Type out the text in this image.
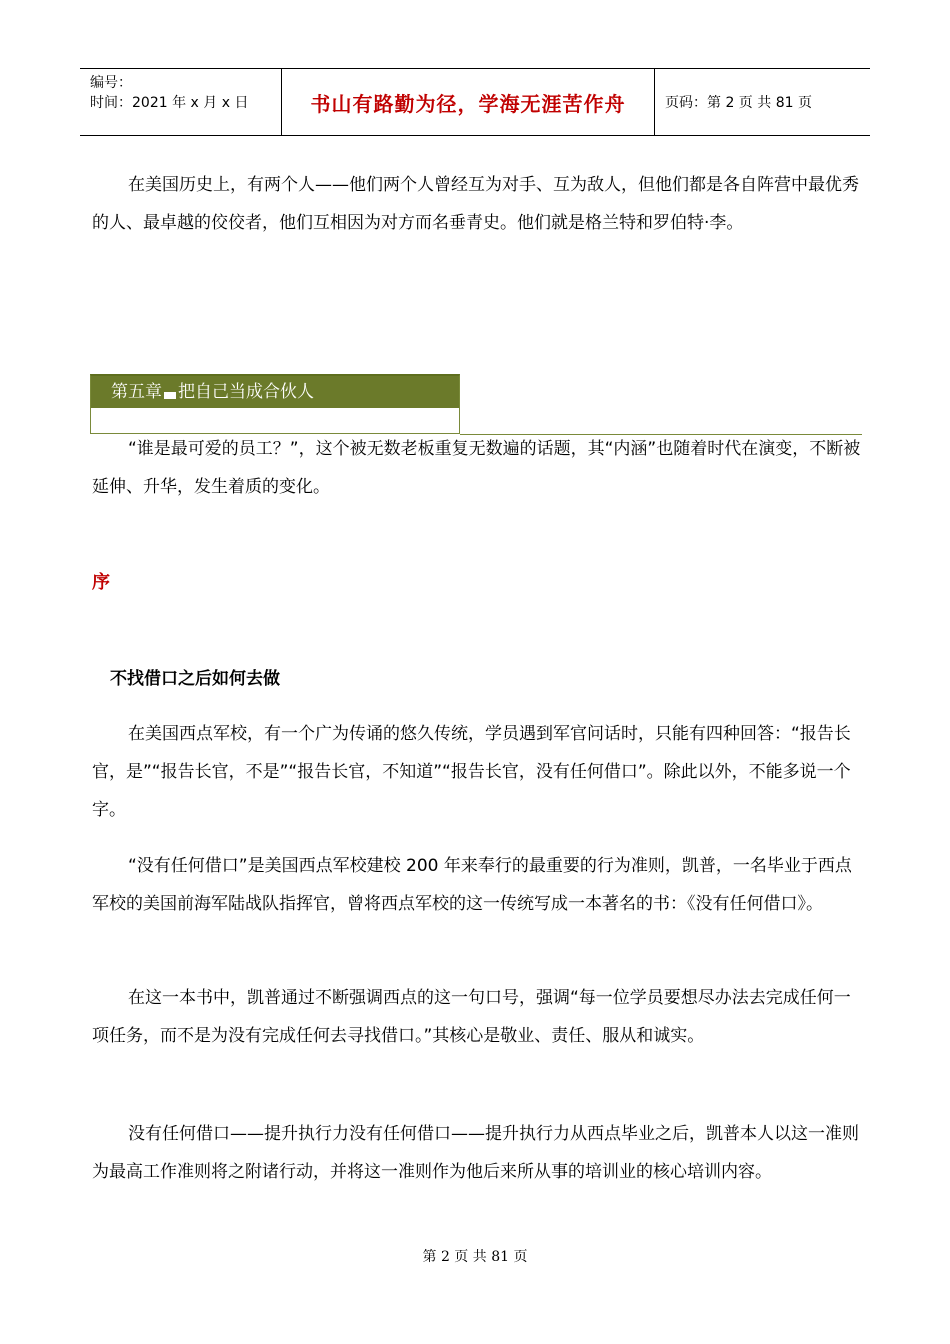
编号：
时间：2021 年 x 月 x 日	书山有路勤为径，学海无涯苦作舟	页码：第 2 页 共 81 页

在美国历史上，有两个人——他们两个人曾经互为对手、互为敌人，但他们都是各自阵营中最优秀的人、最卓越的佼佼者，他们互相因为对方而名垂青史。他们就是格兰特和罗伯特·李。

第五章 把自己当成合伙人

“谁是最可爱的员工？”，这个被无数老板重复无数遍的话题，其“内涵”也随着时代在演变，不断被延伸、升华，发生着质的变化。

序
不找借口之后如何去做

在美国西点军校，有一个广为传诵的悠久传统，学员遇到军官问话时，只能有四种回答：“报告长官，是”“报告长官，不是”“报告长官，不知道”“报告长官，没有任何借口”。除此以外，不能多说一个字。

“没有任何借口”是美国西点军校建校 200 年来奉行的最重要的行为准则，凯普，一名毕业于西点军校的美国前海军陆战队指挥官，曾将西点军校的这一传统写成一本著名的书：《没有任何借口》。

在这一本书中，凯普通过不断强调西点的这一句口号，强调“每一位学员要想尽办法去完成任何一项任务，而不是为没有完成任何去寻找借口。”其核心是敬业、责任、服从和诚实。

没有任何借口——提升执行力没有任何借口——提升执行力从西点毕业之后，凯普本人以这一准则为最高工作准则将之附诸行动，并将这一准则作为他后来所从事的培训业的核心培训内容。

第 2 页 共 81 页
